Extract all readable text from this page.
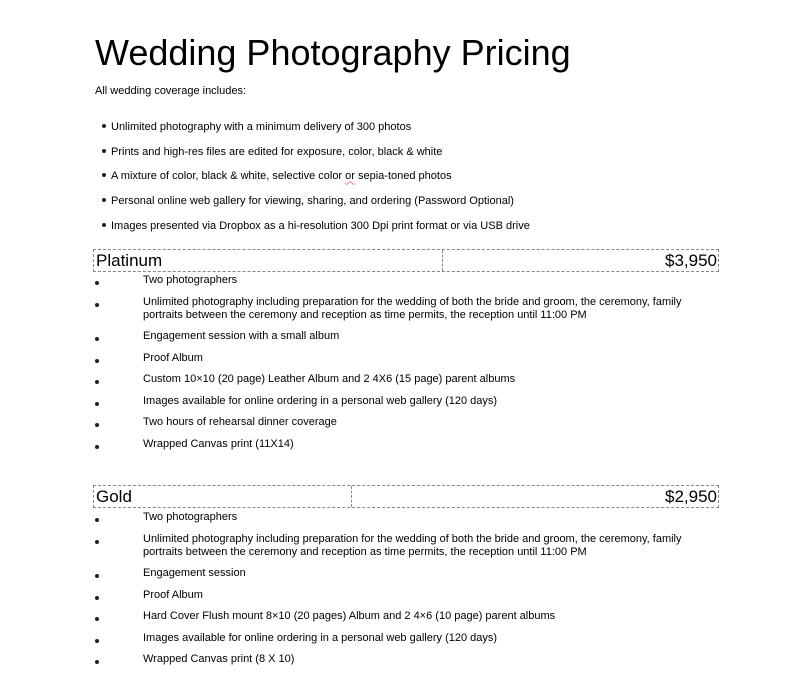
Wedding Photography Pricing
All wedding coverage includes:
Unlimited photography with a minimum delivery of 300 photos
Prints and high-res files are edited for exposure, color, black & white
A mixture of color, black & white, selective color or sepia-toned photos
Personal online web gallery for viewing, sharing, and ordering (Password Optional)
Images presented via Dropbox as a hi-resolution 300 Dpi print format or via USB drive
Platinum	$3,950
Two photographers
Unlimited photography including preparation for the wedding of both the bride and groom, the ceremony, family portraits between the ceremony and reception as time permits, the reception until 11:00 PM
Engagement session with a small album
Proof Album
Custom 10×10 (20 page) Leather Album and 2 4X6 (15 page) parent albums
Images available for online ordering in a personal web gallery (120 days)
Two hours of rehearsal dinner coverage
Wrapped Canvas print (11X14)
Gold	$2,950
Two photographers
Unlimited photography including preparation for the wedding of both the bride and groom, the ceremony, family portraits between the ceremony and reception as time permits, the reception until 11:00 PM
Engagement session
Proof Album
Hard Cover Flush mount 8×10 (20 pages) Album and 2 4×6 (10 page) parent albums
Images available for online ordering in a personal web gallery (120 days)
Wrapped Canvas print (8 X 10)
